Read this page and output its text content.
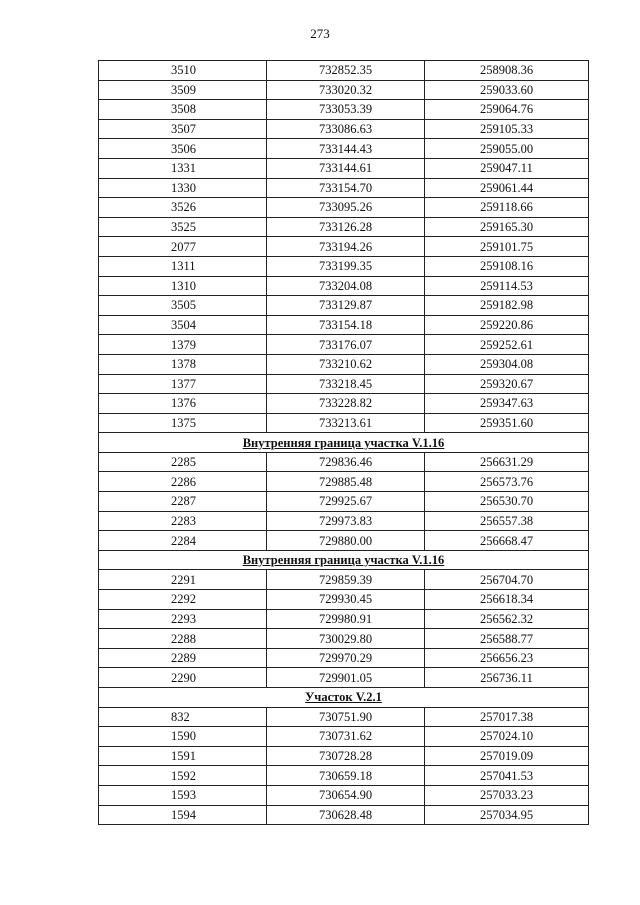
273
3510	732852.35	258908.36
3509	733020.32	259033.60
3508	733053.39	259064.76
3507	733086.63	259105.33
3506	733144.43	259055.00
1331	733144.61	259047.11
1330	733154.70	259061.44
3526	733095.26	259118.66
3525	733126.28	259165.30
2077	733194.26	259101.75
1311	733199.35	259108.16
1310	733204.08	259114.53
3505	733129.87	259182.98
3504	733154.18	259220.86
1379	733176.07	259252.61
1378	733210.62	259304.08
1377	733218.45	259320.67
1376	733228.82	259347.63
1375	733213.61	259351.60
Внутренняя граница участка V.1.16		
2285	729836.46	256631.29
2286	729885.48	256573.76
2287	729925.67	256530.70
2283	729973.83	256557.38
2284	729880.00	256668.47
Внутренняя граница участка V.1.16		
2291	729859.39	256704.70
2292	729930.45	256618.34
2293	729980.91	256562.32
2288	730029.80	256588.77
2289	729970.29	256656.23
2290	729901.05	256736.11
Участок V.2.1		
832	730751.90	257017.38
1590	730731.62	257024.10
1591	730728.28	257019.09
1592	730659.18	257041.53
1593	730654.90	257033.23
1594	730628.48	257034.95
